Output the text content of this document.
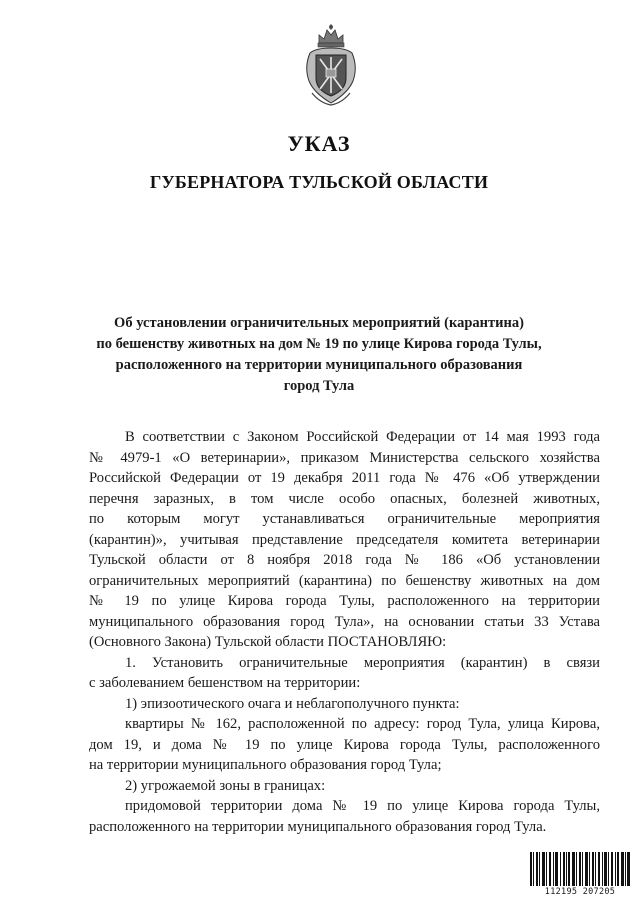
УКАЗ
ГУБЕРНАТОРА ТУЛЬСКОЙ ОБЛАСТИ
Об установлении ограничительных мероприятий (карантина)
по бешенству животных на дом № 19 по улице Кирова города Тулы,
расположенного на территории муниципального образования
город Тула
В соответствии с Законом Российской Федерации от 14 мая 1993 года
№ 4979-1 «О ветеринарии», приказом Министерства сельского хозяйства
Российской Федерации от 19 декабря 2011 года № 476 «Об утверждении
перечня заразных, в том числе особо опасных, болезней животных,
по которым могут устанавливаться ограничительные мероприятия
(карантин)», учитывая представление председателя комитета ветеринарии
Тульской области от 8 ноября 2018 года № 186 «Об установлении
ограничительных мероприятий (карантина) по бешенству животных на дом
№ 19 по улице Кирова города Тулы, расположенного на территории
муниципального образования город Тула», на основании статьи 33 Устава
(Основного Закона) Тульской области ПОСТАНОВЛЯЮ:
1. Установить ограничительные мероприятия (карантин) в связи
с заболеванием бешенством на территории:
1) эпизоотического очага и неблагополучного пункта:
квартиры № 162, расположенной по адресу: город Тула, улица Кирова,
дом 19, и дома № 19 по улице Кирова города Тулы, расположенного
на территории муниципального образования город Тула;
2) угрожаемой зоны в границах:
придомовой территории дома № 19 по улице Кирова города Тулы,
расположенного на территории муниципального образования город Тула.
112195 207205
